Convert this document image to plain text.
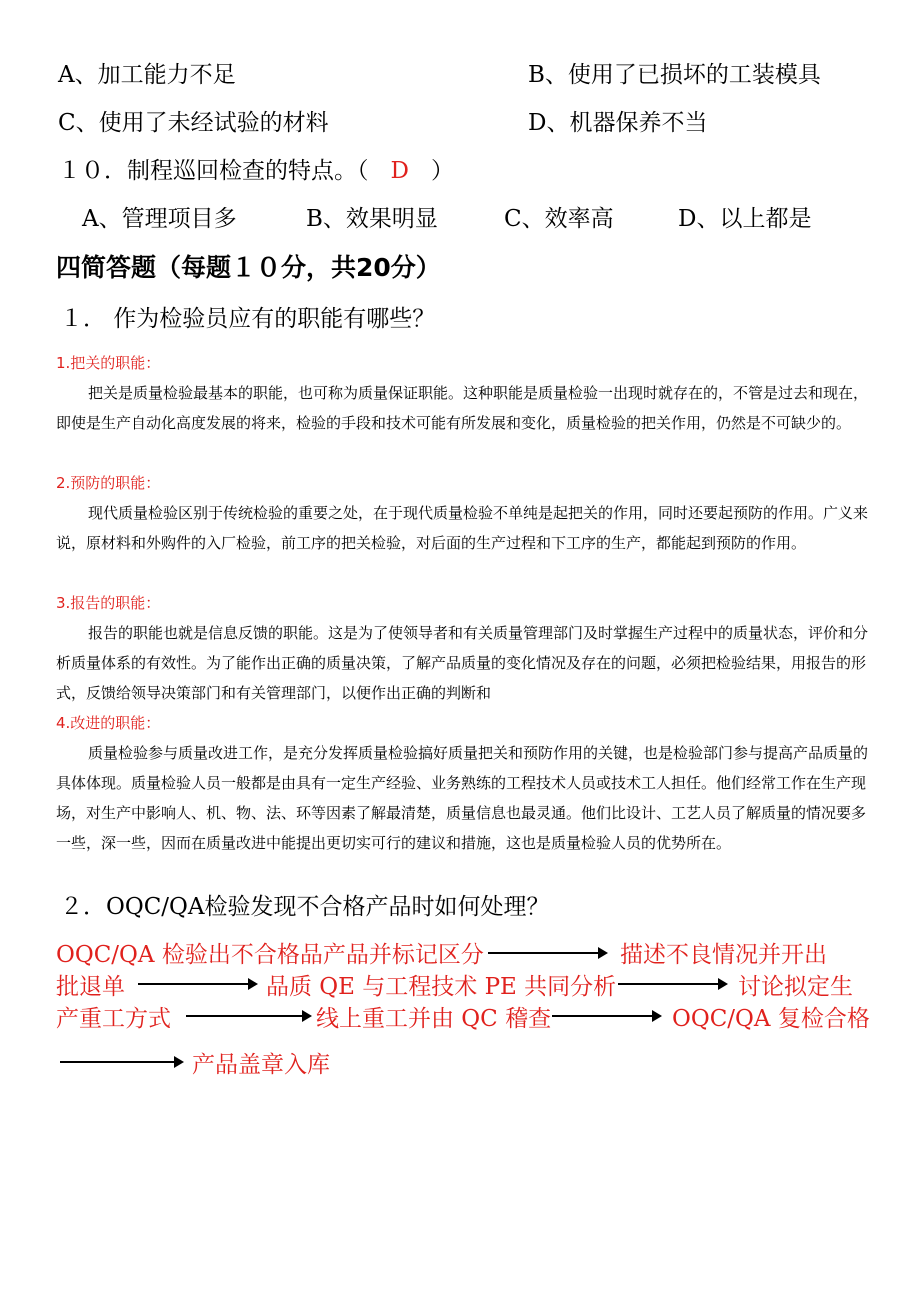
A、加工能力不足	B、使用了已损坏的工装模具
C、使用了未经试验的材料	D、机器保养不当
１０．制程巡回检查的特点。（ D ）
A、管理项目多	B、效果明显	C、效率高	D、以上都是
四简答题（每题１０分，共20分）
１． 作为检验员应有的职能有哪些？
1.把关的职能：
把关是质量检验最基本的职能，也可称为质量保证职能。这种职能是质量检验一出现时就存在的，不管是过去和现在，即使是生产自动化高度发展的将来，检验的手段和技术可能有所发展和变化，质量检验的把关作用，仍然是不可缺少的。
2.预防的职能：
现代质量检验区别于传统检验的重要之处，在于现代质量检验不单纯是起把关的作用，同时还要起预防的作用。广义来说，原材料和外购件的入厂检验，前工序的把关检验，对后面的生产过程和下工序的生产，都能起到预防的作用。
3.报告的职能：
报告的职能也就是信息反馈的职能。这是为了使领导者和有关质量管理部门及时掌握生产过程中的质量状态，评价和分析质量体系的有效性。为了能作出正确的质量决策，了解产品质量的变化情况及存在的问题，必须把检验结果，用报告的形式，反馈给领导决策部门和有关管理部门，以便作出正确的判断和
4.改进的职能：
质量检验参与质量改进工作，是充分发挥质量检验搞好质量把关和预防作用的关键，也是检验部门参与提高产品质量的具体体现。质量检验人员一般都是由具有一定生产经验、业务熟练的工程技术人员或技术工人担任。他们经常工作在生产现场，对生产中影响人、机、物、法、环等因素了解最清楚，质量信息也最灵通。他们比设计、工艺人员了解质量的情况要多一些，深一些，因而在质量改进中能提出更切实可行的建议和措施，这也是质量检验人员的优势所在。
２．OQC/QA检验发现不合格产品时如何处理？
OQC/QA 检验出不合格品产品并标记区分	描述不良情况并开出
批退单	品质 QE 与工程技术 PE 共同分析	讨论拟定生
产重工方式	线上重工并由 QC 稽查	OQC/QA 复检合格
产品盖章入库
